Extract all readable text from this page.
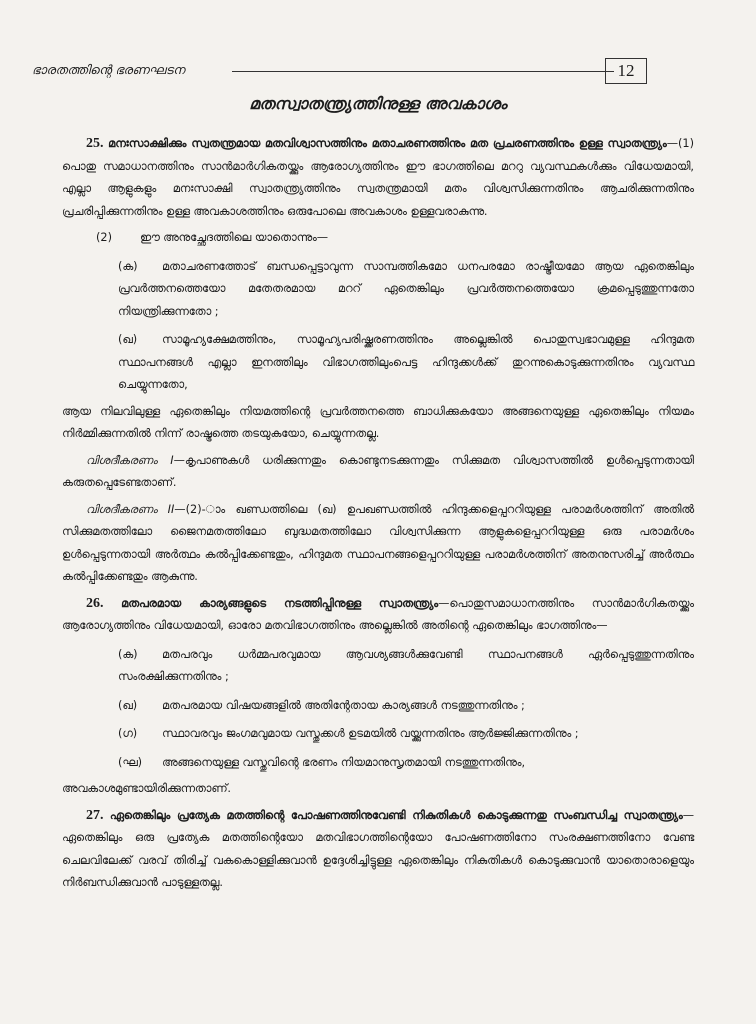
ഭാരതത്തിന്റെ ഭരണഘടന	12
മതസ്വാതന്ത്ര്യത്തിനുള്ള അവകാശം

25. മനഃസാക്ഷിക്കും സ്വതന്ത്രമായ മതവിശ്വാസത്തിനും മതാചരണത്തിനും മത പ്രചരണത്തിനും ഉള്ള സ്വാതന്ത്ര്യം—(1) പൊതു സമാധാനത്തിനും സാൻമാർഗികതയ്ക്കും ആരോഗ്യത്തിനും ഈ ഭാഗത്തിലെ മററു വ്യവസ്ഥകൾക്കും വിധേയമായി, എല്ലാ ആളുകളും മനഃസാക്ഷി സ്വാതന്ത്ര്യത്തിനും സ്വതന്ത്രമായി മതം വിശ്വസിക്കുന്നതിനും ആചരിക്കുന്നതിനും പ്രചരിപ്പിക്കുന്നതിനും ഉള്ള അവകാശത്തിനും ഒരുപോലെ അവകാശം ഉള്ളവരാകുന്നു.

(2) ഈ അനുച്ഛേദത്തിലെ യാതൊന്നും—

(ക) മതാചരണത്തോട് ബന്ധപ്പെട്ടാവുന്ന സാമ്പത്തികമോ ധനപരമോ രാഷ്ട്രീയമോ ആയ ഏതെങ്കിലും പ്രവർത്തനത്തെയോ മതേതരമായ മററ് ഏതെങ്കിലും പ്രവർത്തനത്തെയോ ക്രമപ്പെടുത്തുന്നതോ നിയന്ത്രിക്കുന്നതോ ;

(ഖ) സാമൂഹ്യക്ഷേമത്തിനും, സാമൂഹ്യപരിഷ്ക്കരണത്തിനും അല്ലെങ്കിൽ പൊതുസ്വഭാവമുള്ള ഹിന്ദുമത സ്ഥാപനങ്ങൾ എല്ലാ ഇനത്തിലും വിഭാഗത്തിലുംപെട്ട ഹിന്ദുക്കൾക്ക് തുറന്നുകൊടുക്കുന്നതിനും വ്യവസ്ഥ ചെയ്യുന്നതോ,

ആയ നിലവിലുള്ള ഏതെങ്കിലും നിയമത്തിന്റെ പ്രവർത്തനത്തെ ബാധിക്കുകയോ അങ്ങനെയുള്ള ഏതെങ്കിലും നിയമം നിർമ്മിക്കുന്നതിൽ നിന്ന് രാഷ്ട്രത്തെ തടയുകയോ, ചെയ്യുന്നതല്ല.

വിശദീകരണം I—കൃപാണുകൾ ധരിക്കുന്നതും കൊണ്ടുനടക്കുന്നതും സിക്കുമത വിശ്വാസത്തിൽ ഉൾപ്പെടുന്നതായി കരുതപ്പെടേണ്ടതാണ്.

വിശദീകരണം II—(2)-ാം ഖണ്ഡത്തിലെ (ഖ) ഉപഖണ്ഡത്തിൽ ഹിന്ദുക്കളെപ്പററിയുള്ള പരാമർശത്തിന് അതിൽ സിക്കുമതത്തിലോ ജൈനമതത്തിലോ ബുദ്ധമതത്തിലോ വിശ്വസിക്കുന്ന ആളുകളെപ്പററിയുള്ള ഒരു പരാമർശം ഉൾപ്പെടുന്നതായി അർത്ഥം കൽപ്പിക്കേണ്ടതും, ഹിന്ദുമത സ്ഥാപനങ്ങളെപ്പററിയുള്ള പരാമർശത്തിന് അതനുസരിച്ച് അർത്ഥം കൽപ്പിക്കേണ്ടതും ആകുന്നു.

26. മതപരമായ കാര്യങ്ങളുടെ നടത്തിപ്പിനുള്ള സ്വാതന്ത്ര്യം—പൊതുസമാധാനത്തിനും സാൻമാർഗികതയ്ക്കും ആരോഗ്യത്തിനും വിധേയമായി, ഓരോ മതവിഭാഗത്തിനും അല്ലെങ്കിൽ അതിന്റെ ഏതെങ്കിലും ഭാഗത്തിനും—

(ക) മതപരവും ധർമ്മപരവുമായ ആവശ്യങ്ങൾക്കുവേണ്ടി സ്ഥാപനങ്ങൾ ഏർപ്പെടുത്തുന്നതിനും സംരക്ഷിക്കുന്നതിനും ;

(ഖ) മതപരമായ വിഷയങ്ങളിൽ അതിന്റേതായ കാര്യങ്ങൾ നടത്തുന്നതിനും ;

(ഗ) സ്ഥാവരവും ജംഗമവുമായ വസ്തുക്കൾ ഉടമയിൽ വയ്ക്കുന്നതിനും ആർജ്ജിക്കുന്നതിനും ;

(ഘ) അങ്ങനെയുള്ള വസ്തുവിന്റെ ഭരണം നിയമാനുസൃതമായി നടത്തുന്നതിനും,

അവകാശമുണ്ടായിരിക്കുന്നതാണ്.

27. ഏതെങ്കിലും പ്രത്യേക മതത്തിന്റെ പോഷണത്തിനുവേണ്ടി നികുതികൾ കൊടുക്കുന്നതു സംബന്ധിച്ച സ്വാതന്ത്ര്യം—ഏതെങ്കിലും ഒരു പ്രത്യേക മതത്തിന്റെയോ മതവിഭാഗത്തിന്റെയോ പോഷണത്തിനോ സംരക്ഷണത്തിനോ വേണ്ട ചെലവിലേക്ക് വരവ് തിരിച്ച് വകകൊള്ളിക്കുവാൻ ഉദ്ദേശിച്ചിട്ടുള്ള ഏതെങ്കിലും നികുതികൾ കൊടുക്കുവാൻ യാതൊരാളെയും നിർബന്ധിക്കുവാൻ പാടുള്ളതല്ല.
